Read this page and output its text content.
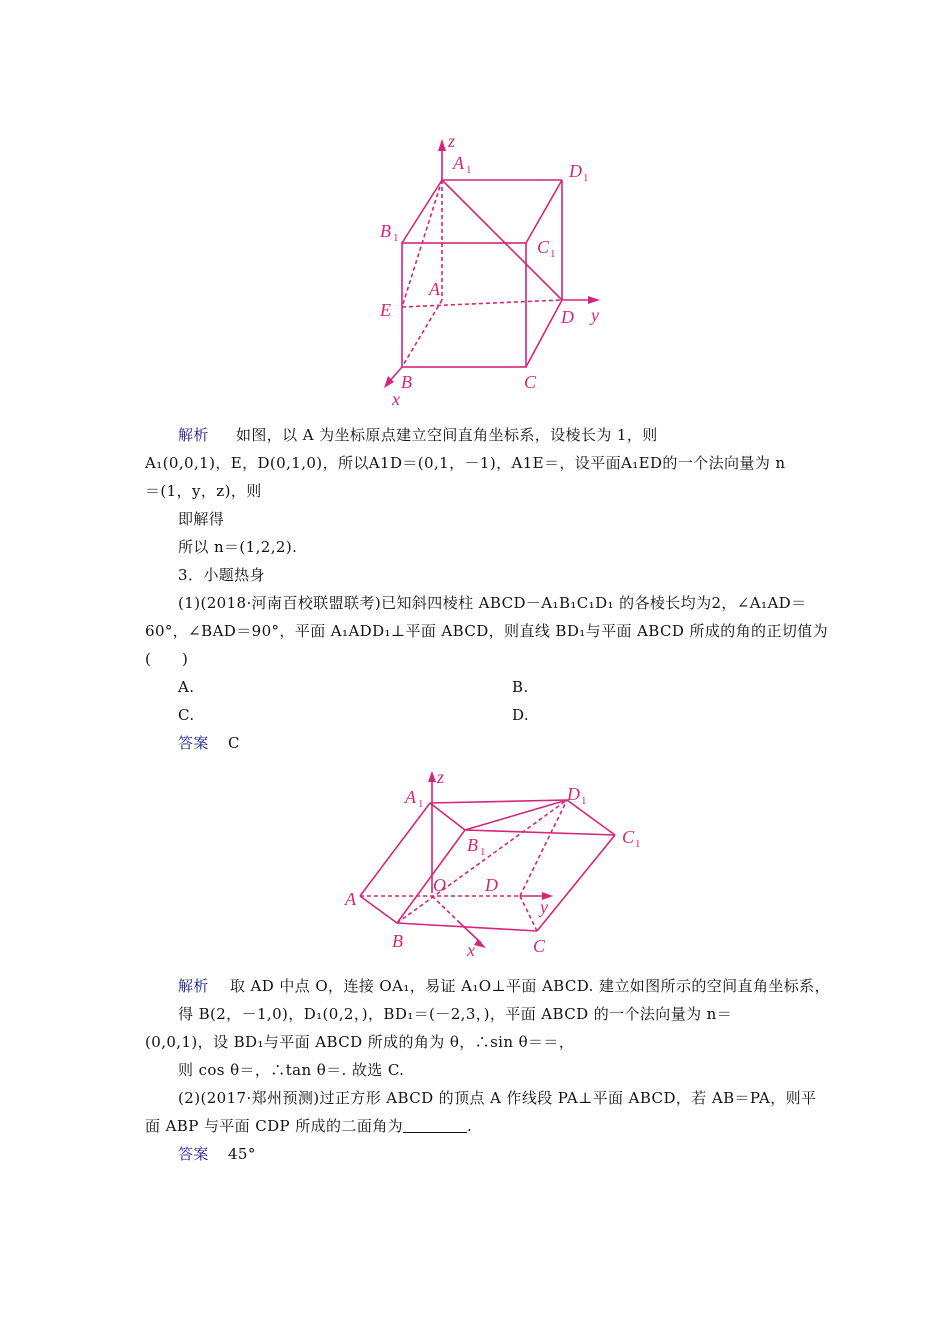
z
A 1	D 1
B 1	C 1
A
E	D y
B	C
x
解析 如图，以 A 为坐标原点建立空间直角坐标系，设棱长为 1，则
A₁(0,0,1)，E，D(0,1,0)，所以A1D＝(0,1，－1)，A1E＝，设平面A₁ED的一个法向量为 n
＝(1，y，z)，则
即解得
所以 n＝(1,2,2).
3．小题热身
(1)(2018·河南百校联盟联考)已知斜四棱柱 ABCD－A₁B₁C₁D₁ 的各棱长均为2，∠A₁AD＝
60°，∠BAD＝90°，平面 A₁ADD₁⊥平面 ABCD，则直线 BD₁与平面 ABCD 所成的角的正切值为
(　　)
A.	B.
C.	D.
答案 C
z
A 1	D 1
C 1
B 1
O D
y
A
B	C
x
解析 取 AD 中点 O，连接 OA₁，易证 A₁O⊥平面 ABCD. 建立如图所示的空间直角坐标系，
得 B(2，－1,0)，D₁(0,2，)，BD₁＝(－2,3，)，平面 ABCD 的一个法向量为 n＝
(0,0,1)，设 BD₁与平面 ABCD 所成的角为 θ，∴sin θ＝＝，
则 cos θ＝，∴tan θ＝. 故选 C.
(2)(2017·郑州预测)过正方形 ABCD 的顶点 A 作线段 PA⊥平面 ABCD，若 AB＝PA，则平
面 ABP 与平面 CDP 所成的二面角为	.
答案 45°
